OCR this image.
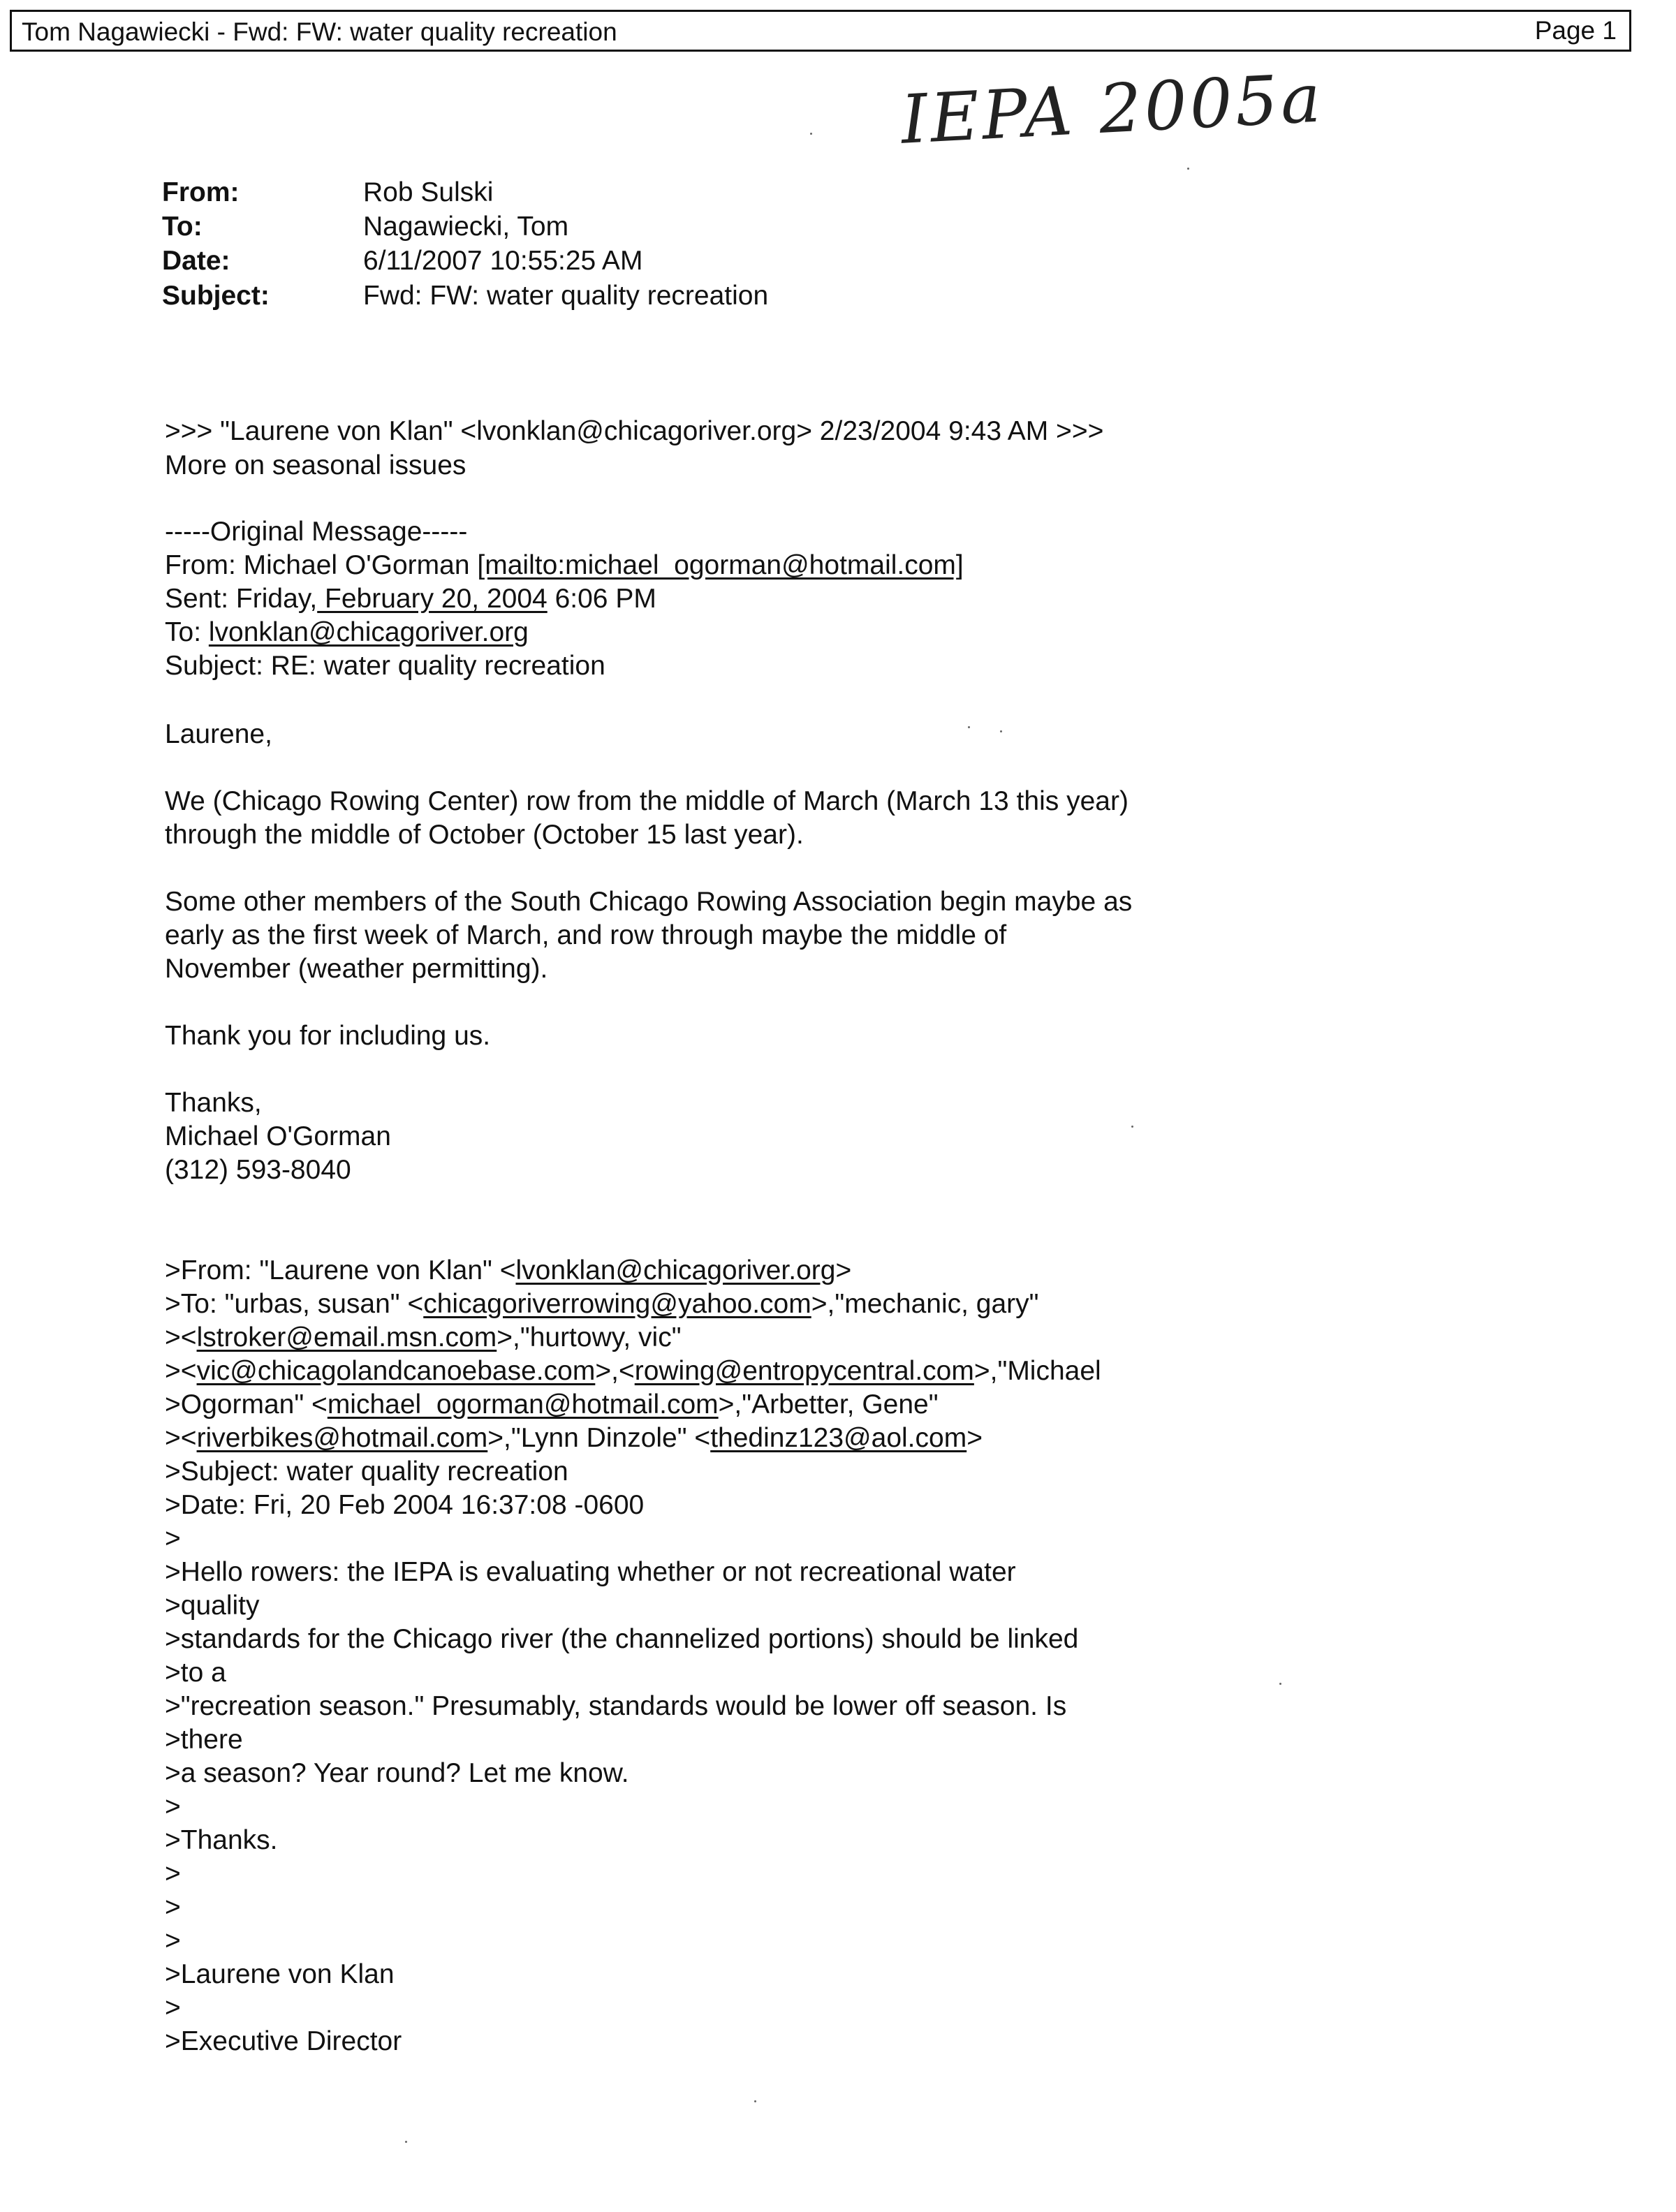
Tom Nagawiecki - Fwd: FW: water quality recreation	Page 1
IEPA 2005a
From:	Rob Sulski
To:	Nagawiecki, Tom
Date:	6/11/2007 10:55:25 AM
Subject:	Fwd: FW: water quality recreation
>>> "Laurene von Klan" <lvonklan@chicagoriver.org> 2/23/2004 9:43 AM >>>
More on seasonal issues
-----Original Message-----
From: Michael O'Gorman [mailto:michael_ogorman@hotmail.com]
Sent: Friday, February 20, 2004 6:06 PM
To: lvonklan@chicagoriver.org
Subject: RE: water quality recreation
Laurene,
We (Chicago Rowing Center) row from the middle of March (March 13 this year)
through the middle of October (October 15 last year).
Some other members of the South Chicago Rowing Association begin maybe as
early as the first week of March, and row through maybe the middle of
November (weather permitting).
Thank you for including us.
Thanks,
Michael O'Gorman
(312) 593-8040
>From: "Laurene von Klan" <lvonklan@chicagoriver.org>
>To: "urbas, susan" <chicagoriverrowing@yahoo.com>,"mechanic, gary"
><lstroker@email.msn.com>,"hurtowy, vic"
><vic@chicagolandcanoebase.com>,<rowing@entropycentral.com>,"Michael
>Ogorman" <michael_ogorman@hotmail.com>,"Arbetter, Gene"
><riverbikes@hotmail.com>,"Lynn Dinzole" <thedinz123@aol.com>
>Subject: water quality recreation
>Date: Fri, 20 Feb 2004 16:37:08 -0600
>
>Hello rowers: the IEPA is evaluating whether or not recreational water
>quality
>standards for the Chicago river (the channelized portions) should be linked
>to a
>"recreation season." Presumably, standards would be lower off season. Is
>there
>a season? Year round? Let me know.
>
>Thanks.
>
>
>
>Laurene von Klan
>
>Executive Director
